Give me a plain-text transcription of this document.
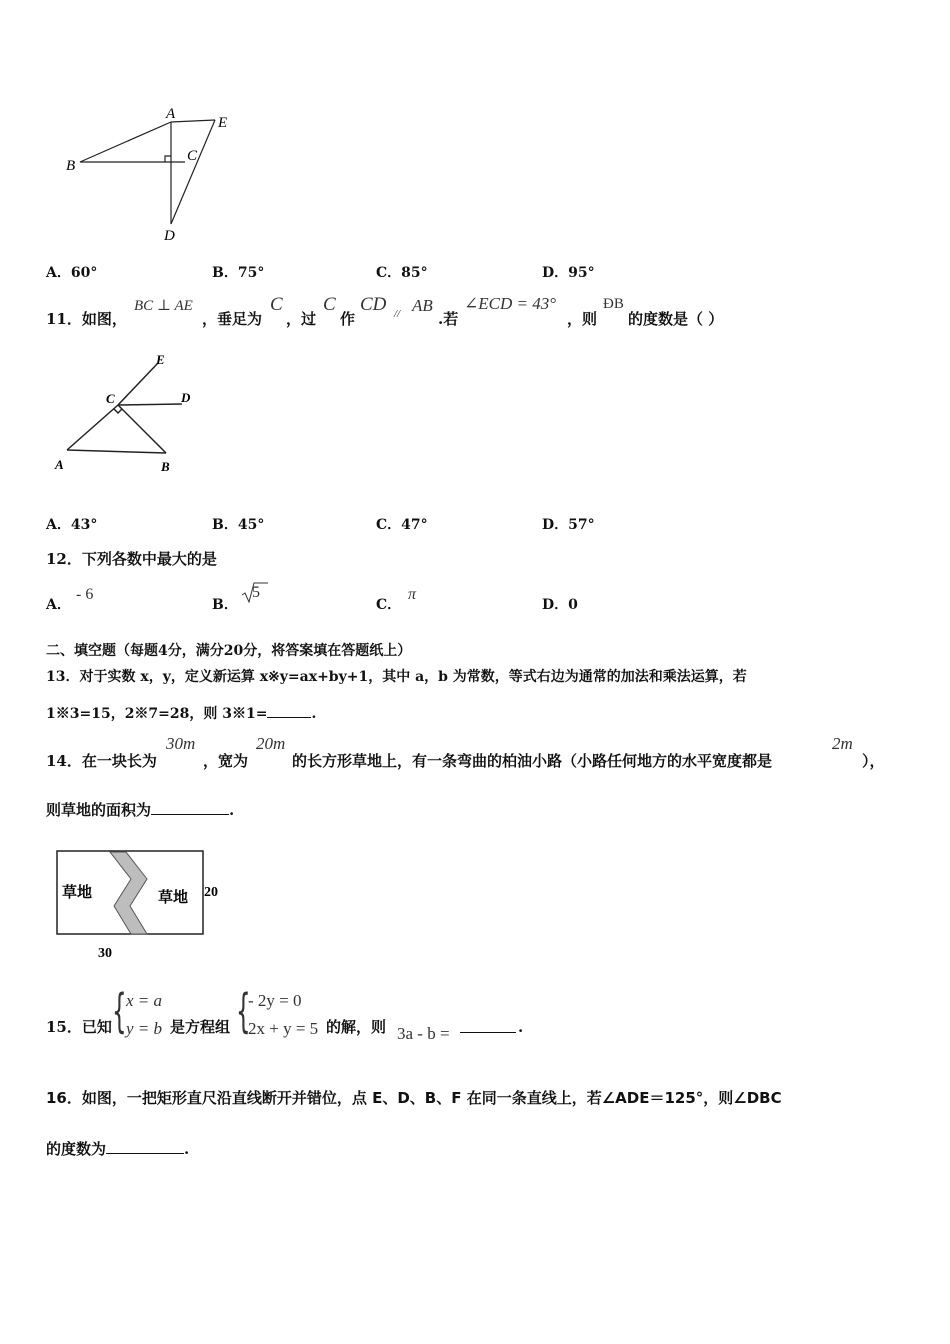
A
B
C
D
E
A．60°	B．75°	C．85°	D．95°
11．如图，
BC ⊥ AE
，垂足为
C
，过
C
作
CD // AB
.若
∠ECD = 43°
，则
ÐB
的度数是（ ）
A	B
C	D
E
A．43°	B．45°	C．47°	D．57°
12．下列各数中最大的是
A．
- 6
B．
5
C．
π
D．0
二、填空题（每题4分，满分20分，将答案填在答题纸上）
13．对于实数 x，y，定义新运算 x※y=ax+by+1，其中 a，b 为常数，等式右边为通常的加法和乘法运算，若
1※3=15，2※7=28，则 3※1=	.
14．在一块长为
30m
，宽为
20m
的长方形草地上，有一条弯曲的柏油小路（小路任何地方的水平宽度都是
2m
），
则草地的面积为	.
草地	草地 20
30
15．已知 { x = a
y = b 是方程组 {
- 2y = 0
2x + y = 5 的解，则 3a - b =	.
16．如图，一把矩形直尺沿直线断开并错位，点 E、D、B、F 在同一条直线上，若∠ADE＝125°，则∠DBC
的度数为	.
